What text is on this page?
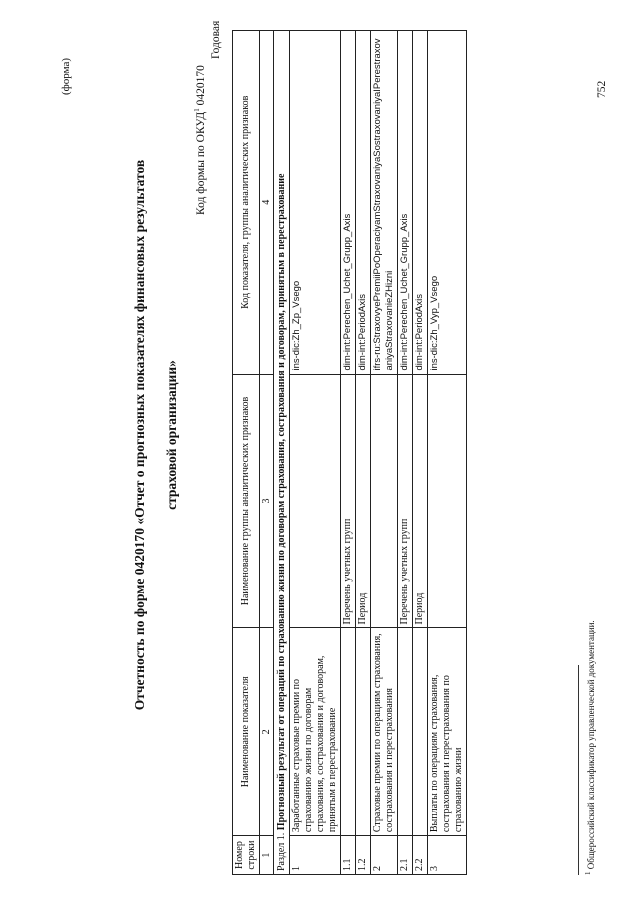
(форма)
Отчетность по форме 0420170 «Отчет о прогнозных показателях финансовых результатов страховой организации»
Код формы по ОКУД$^1$ 0420170
Годовая
Номер строки	Наименование показателя	Наименование группы аналитических признаков	Код показателя, группы аналитических признаков
1	2	3	4
Раздел 1. Прогнозный результат от операций по страхованию жизни по договорам страхования, сострахования и договорам, принятым в перестрахование			
1	Заработанные страховые премии по страхованию жизни по договорам страхования, сострахования и договорам, принятым в перестрахование		ins-dic:Zh_Zp_Vsego
1.1		Перечень учетных групп	dim-int:Perechen_Uchet_Grupp_Axis
1.2		Период	dim-int:PeriodAxis
2	Страховые премии по операциям страхования, сострахования и перестрахования		ifrs-ru:StraxovyePremiiPoOperaciyamStraxovaniyaSostraxovaniyaIPerestraxovaniyaStraxovanieZHizni
2.1		Перечень учетных групп	dim-int:Perechen_Uchet_Grupp_Axis
2.2		Период	dim-int:PeriodAxis
3	Выплаты по операциям страхования, сострахования и перестрахования по страхованию жизни		ins-dic:Zh_Vyp_Vsego
$^1$ Общероссийский классификатор управленческой документации.
752
